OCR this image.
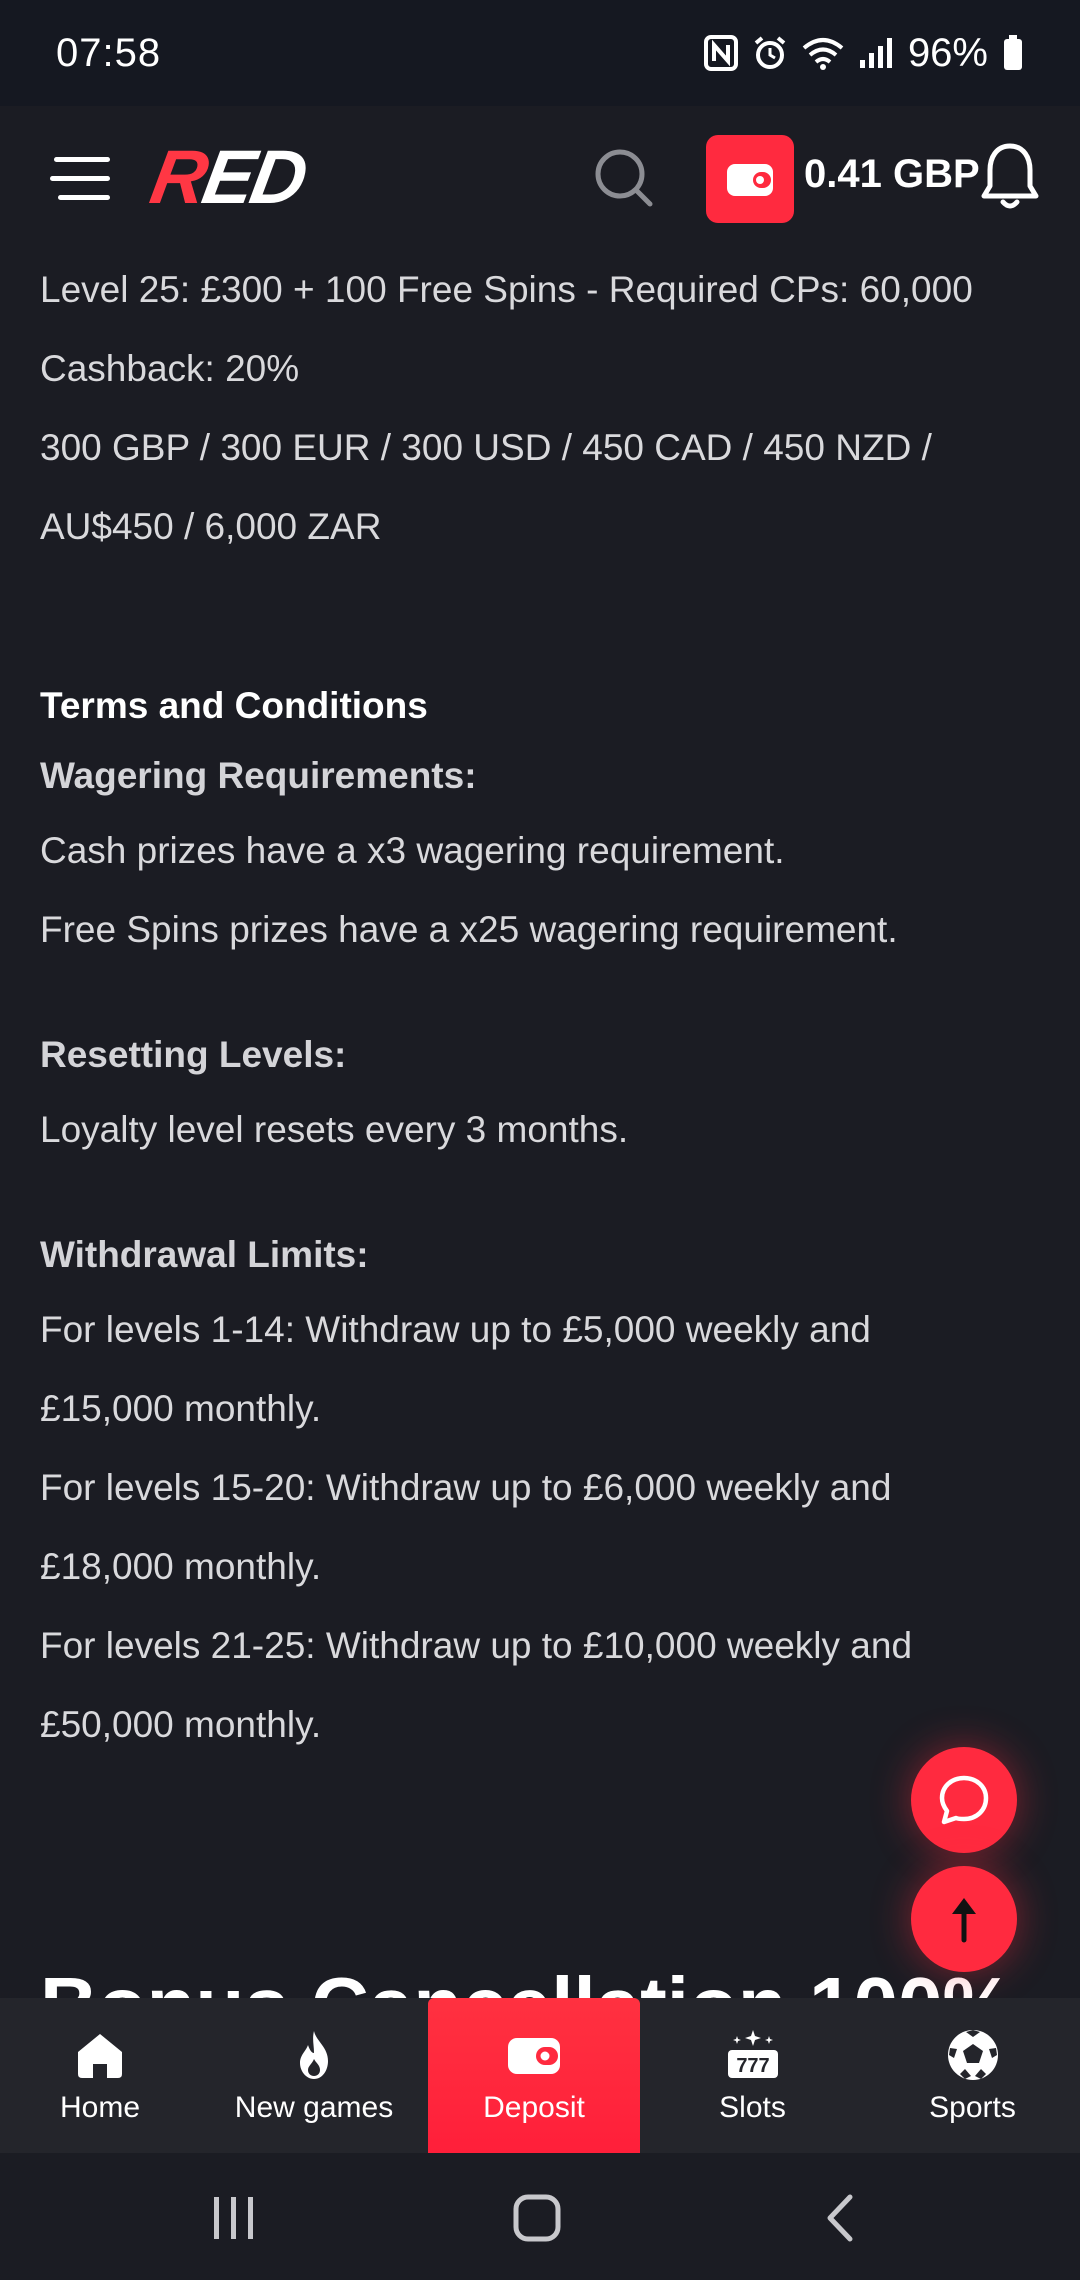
07:58	96%
RED	0.41 GBP
Level 25: £300 + 100 Free Spins - Required CPs: 60,000
Cashback: 20%
300 GBP / 300 EUR / 300 USD / 450 CAD / 450 NZD /
AU$450 / 6,000 ZAR
Terms and Conditions
Wagering Requirements:
Cash prizes have a x3 wagering requirement.
Free Spins prizes have a x25 wagering requirement.
Resetting Levels:
Loyalty level resets every 3 months.
Withdrawal Limits:
For levels 1-14: Withdraw up to £5,000 weekly and
£15,000 monthly.
For levels 15-20: Withdraw up to £6,000 weekly and
£18,000 monthly.
For levels 21-25: Withdraw up to £10,000 weekly and
£50,000 monthly.
Home	New games	Deposit
777
Slots	Sports
